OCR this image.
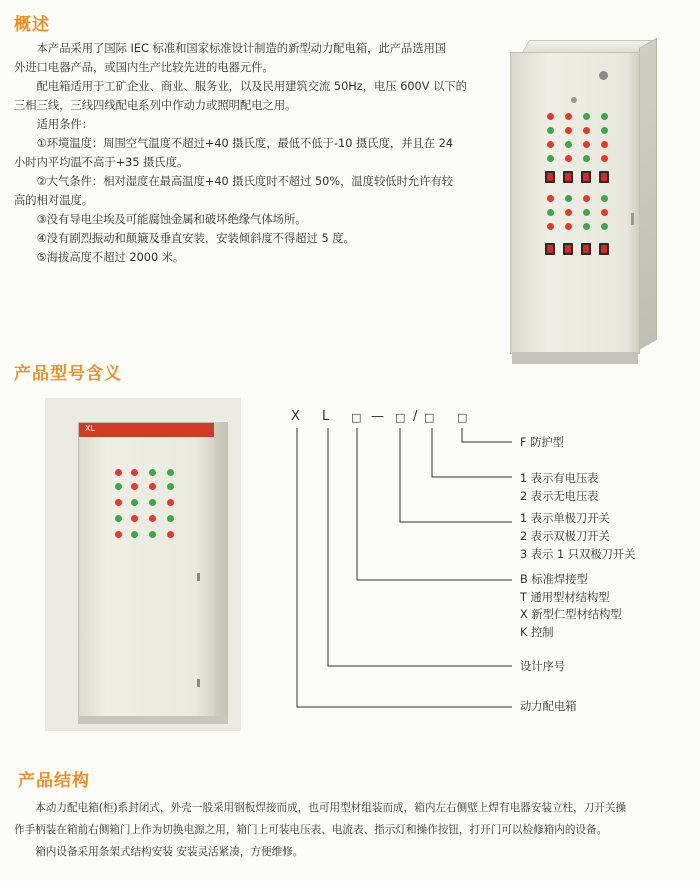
概述

本产品采用了国际 IEC 标准和国家标准设计制造的新型动力配电箱，此产品选用国

外进口电器产品，或国内生产比较先进的电器元件。

配电箱适用于工矿企业、商业、服务业，以及民用建筑交流 50Hz，电压 600V 以下的

三相三线，三线四线配电系列中作动力或照明配电之用。

适用条件：

①环境温度：周围空气温度不超过+40 摄氏度，最低不低于-10 摄氏度，并且在 24

小时内平均温不高于+35 摄氏度。

②大气条件：相对湿度在最高温度+40 摄氏度时不超过 50%，温度较低时允许有较

高的相对温度。

③没有导电尘埃及可能腐蚀金属和破坏绝缘气体场所。

④没有剧烈振动和颠簸及垂直安装，安装倾斜度不得超过 5 度。

⑤海拔高度不超过 2000 米。

产品型号含义
XL
X L □ — □ / □ □
F 防护型
1 表示有电压表
2 表示无电压表
1 表示单极刀开关
2 表示双极刀开关
3 表示 1 只双极刀开关
B 标准焊接型
T 通用型材结构型
X 新型仁型材结构型
K 控制
设计序号
动力配电箱
产品结构

本动力配电箱(柜)系封闭式，外壳一般采用钢板焊接而成，也可用型材组装而成，箱内左右侧壁上焊有电器安装立柱，刀开关操

作手柄装在箱前右侧箱门上作为切换电源之用，箱门上可装电压表、电流表、指示灯和操作按钮，打开门可以检修箱内的设备。

箱内设备采用条架式结构安装 安装灵活紧凑，方便维修。
